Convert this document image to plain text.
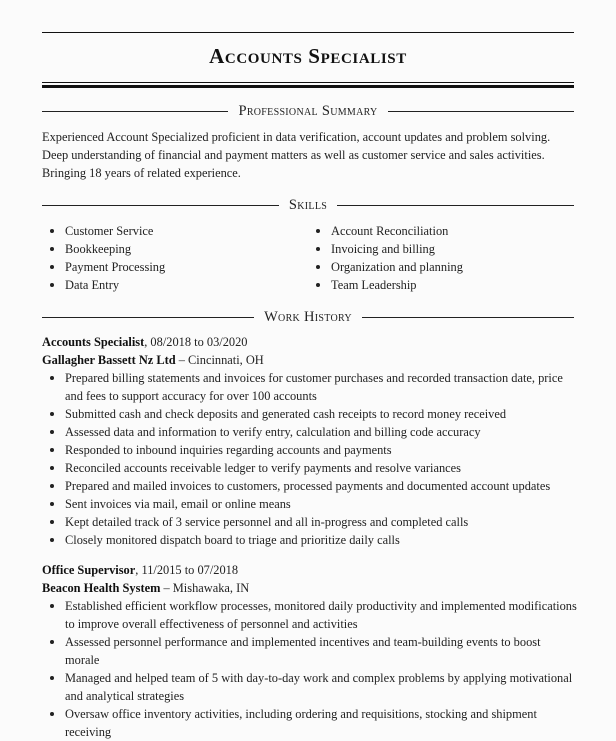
Accounts Specialist
Professional Summary

Experienced Account Specialized proficient in data verification, account updates and problem solving. Deep understanding of financial and payment matters as well as customer service and sales activities. Bringing 18 years of related experience.

Skills
Customer Service
Bookkeeping
Payment Processing
Data Entry
Account Reconciliation
Invoicing and billing
Organization and planning
Team Leadership
Work History

Accounts Specialist, 08/2018 to 03/2020

Gallagher Bassett Nz Ltd – Cincinnati, OH

Prepared billing statements and invoices for customer purchases and recorded transaction date, price and fees to support accuracy for over 100 accounts
Submitted cash and check deposits and generated cash receipts to record money received
Assessed data and information to verify entry, calculation and billing code accuracy
Responded to inbound inquiries regarding accounts and payments
Reconciled accounts receivable ledger to verify payments and resolve variances
Prepared and mailed invoices to customers, processed payments and documented account updates
Sent invoices via mail, email or online means
Kept detailed track of 3 service personnel and all in-progress and completed calls
Closely monitored dispatch board to triage and prioritize daily calls

Office Supervisor, 11/2015 to 07/2018

Beacon Health System – Mishawaka, IN

Established efficient workflow processes, monitored daily productivity and implemented modifications to improve overall effectiveness of personnel and activities
Assessed personnel performance and implemented incentives and team-building events to boost morale
Managed and helped team of 5 with day-to-day work and complex problems by applying motivational and analytical strategies
Oversaw office inventory activities, including ordering and requisitions, stocking and shipment receiving
